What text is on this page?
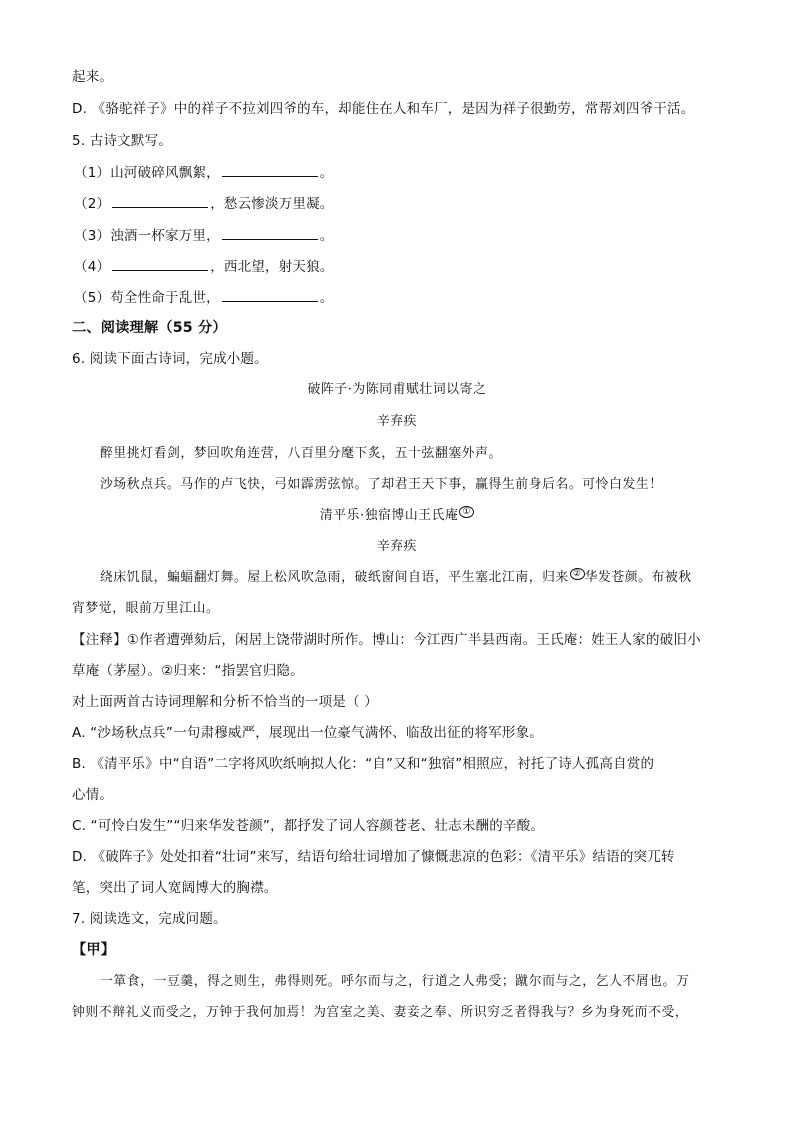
起来。
D. 《骆驼祥子》中的祥子不拉刘四爷的车，却能住在人和车厂，是因为祥子很勤劳，常帮刘四爷干活。
5. 古诗文默写。
（1）山河破碎风飘絮，	。
（2）	，愁云惨淡万里凝。
（3）浊酒一杯家万里，	。
（4）	，西北望，射天狼。
（5）苟全性命于乱世，	。
二、阅读理解（55 分）
6. 阅读下面古诗词，完成小题。
破阵子·为陈同甫赋壮词以寄之
辛弃疾
醉里挑灯看剑，梦回吹角连营，八百里分麾下炙，五十弦翻塞外声。
沙场秋点兵。马作的卢飞快，弓如霹雳弦惊。了却君王天下事，赢得生前身后名。可怜白发生！
清平乐·独宿博山王氏庵 ①
辛弃疾
绕床饥鼠，蝙蝠翻灯舞。屋上松风吹急雨，破纸窗间自语，平生塞北江南，归来 ② 华发苍颜。布被秋
宵梦觉，眼前万里江山。
【注释】①作者遭弹劾后，闲居上饶带湖时所作。博山：今江西广半县西南。王氏庵：姓王人家的破旧小
草庵（茅屋）。②归来：“指罢官归隐。
对上面两首古诗词理解和分析不恰当的一项是（ ）
A. “沙场秋点兵”一句肃穆威严，展现出一位豪气满怀、临敌出征的将军形象。
B. 《清平乐》中“自语”二字将风吹纸响拟人化：“自”又和“独宿”相照应，衬托了诗人孤高自赏的
心情。
C. “可怜白发生”“归来华发苍颜”，都抒发了词人容颜苍老、壮志未酬的辛酸。
D. 《破阵子》处处扣着“壮词”来写，结语句给壮词增加了慷慨悲凉的色彩：《清平乐》结语的突兀转
笔，突出了词人宽阔博大的胸襟。
7. 阅读选文，完成问题。
【甲】
一箪食，一豆羹，得之则生，弗得则死。呼尔而与之，行道之人弗受；蹴尔而与之，乞人不屑也。万
钟则不辩礼义而受之，万钟于我何加焉！为宫室之美、妻妾之奉、所识穷乏者得我与？乡为身死而不受，
